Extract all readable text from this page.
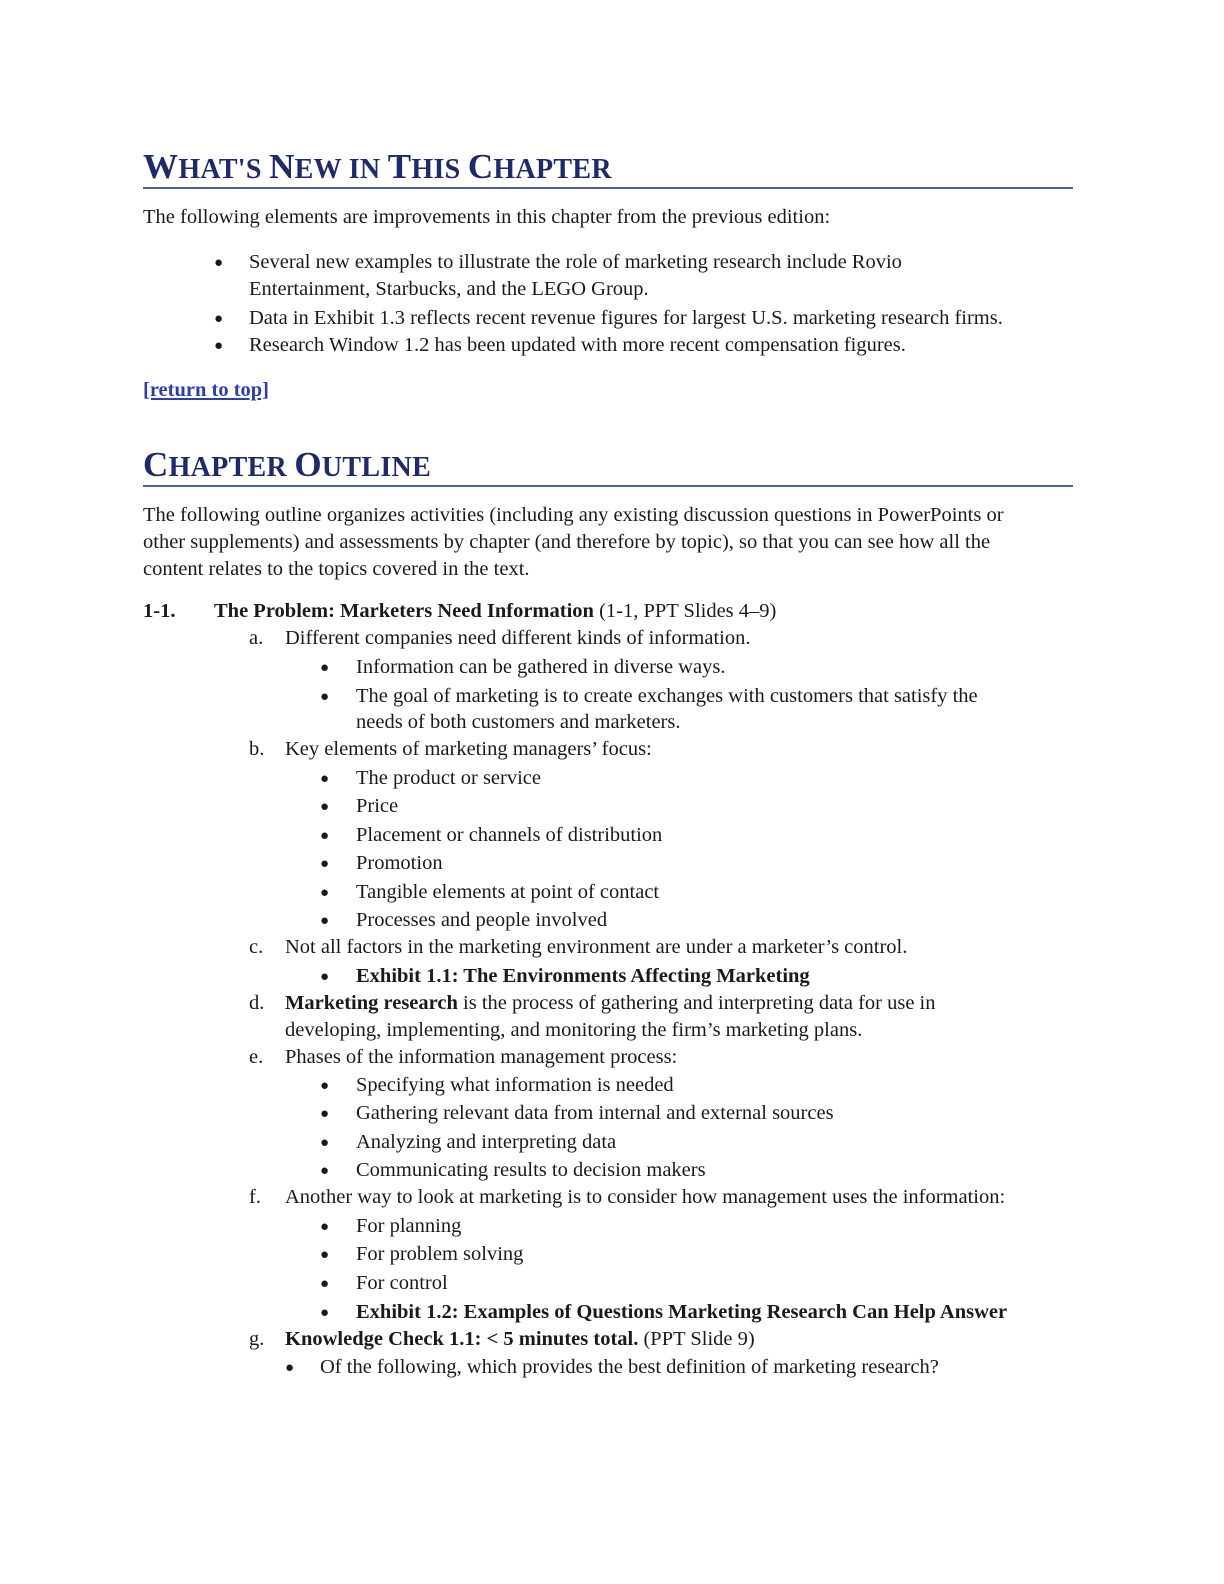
WHAT'S NEW IN THIS CHAPTER
The following elements are improvements in this chapter from the previous edition:
● Several new examples to illustrate the role of marketing research include Rovio
Entertainment, Starbucks, and the LEGO Group.
● Data in Exhibit 1.3 reflects recent revenue figures for largest U.S. marketing research firms.
● Research Window 1.2 has been updated with more recent compensation figures.
[return to top]
CHAPTER OUTLINE
The following outline organizes activities (including any existing discussion questions in PowerPoints or
other supplements) and assessments by chapter (and therefore by topic), so that you can see how all the
content relates to the topics covered in the text.
1-1. The Problem: Marketers Need Information (1-1, PPT Slides 4–9)
a. Different companies need different kinds of information.
● Information can be gathered in diverse ways.
● The goal of marketing is to create exchanges with customers that satisfy the
needs of both customers and marketers.
b. Key elements of marketing managers’ focus:
● The product or service
● Price
● Placement or channels of distribution
● Promotion
● Tangible elements at point of contact
● Processes and people involved
c. Not all factors in the marketing environment are under a marketer’s control.
● Exhibit 1.1: The Environments Affecting Marketing
d. Marketing research is the process of gathering and interpreting data for use in
developing, implementing, and monitoring the firm’s marketing plans.
e. Phases of the information management process:
● Specifying what information is needed
● Gathering relevant data from internal and external sources
● Analyzing and interpreting data
● Communicating results to decision makers
f. Another way to look at marketing is to consider how management uses the information:
● For planning
● For problem solving
● For control
● Exhibit 1.2: Examples of Questions Marketing Research Can Help Answer
g. Knowledge Check 1.1: < 5 minutes total. (PPT Slide 9)
● Of the following, which provides the best definition of marketing research?
